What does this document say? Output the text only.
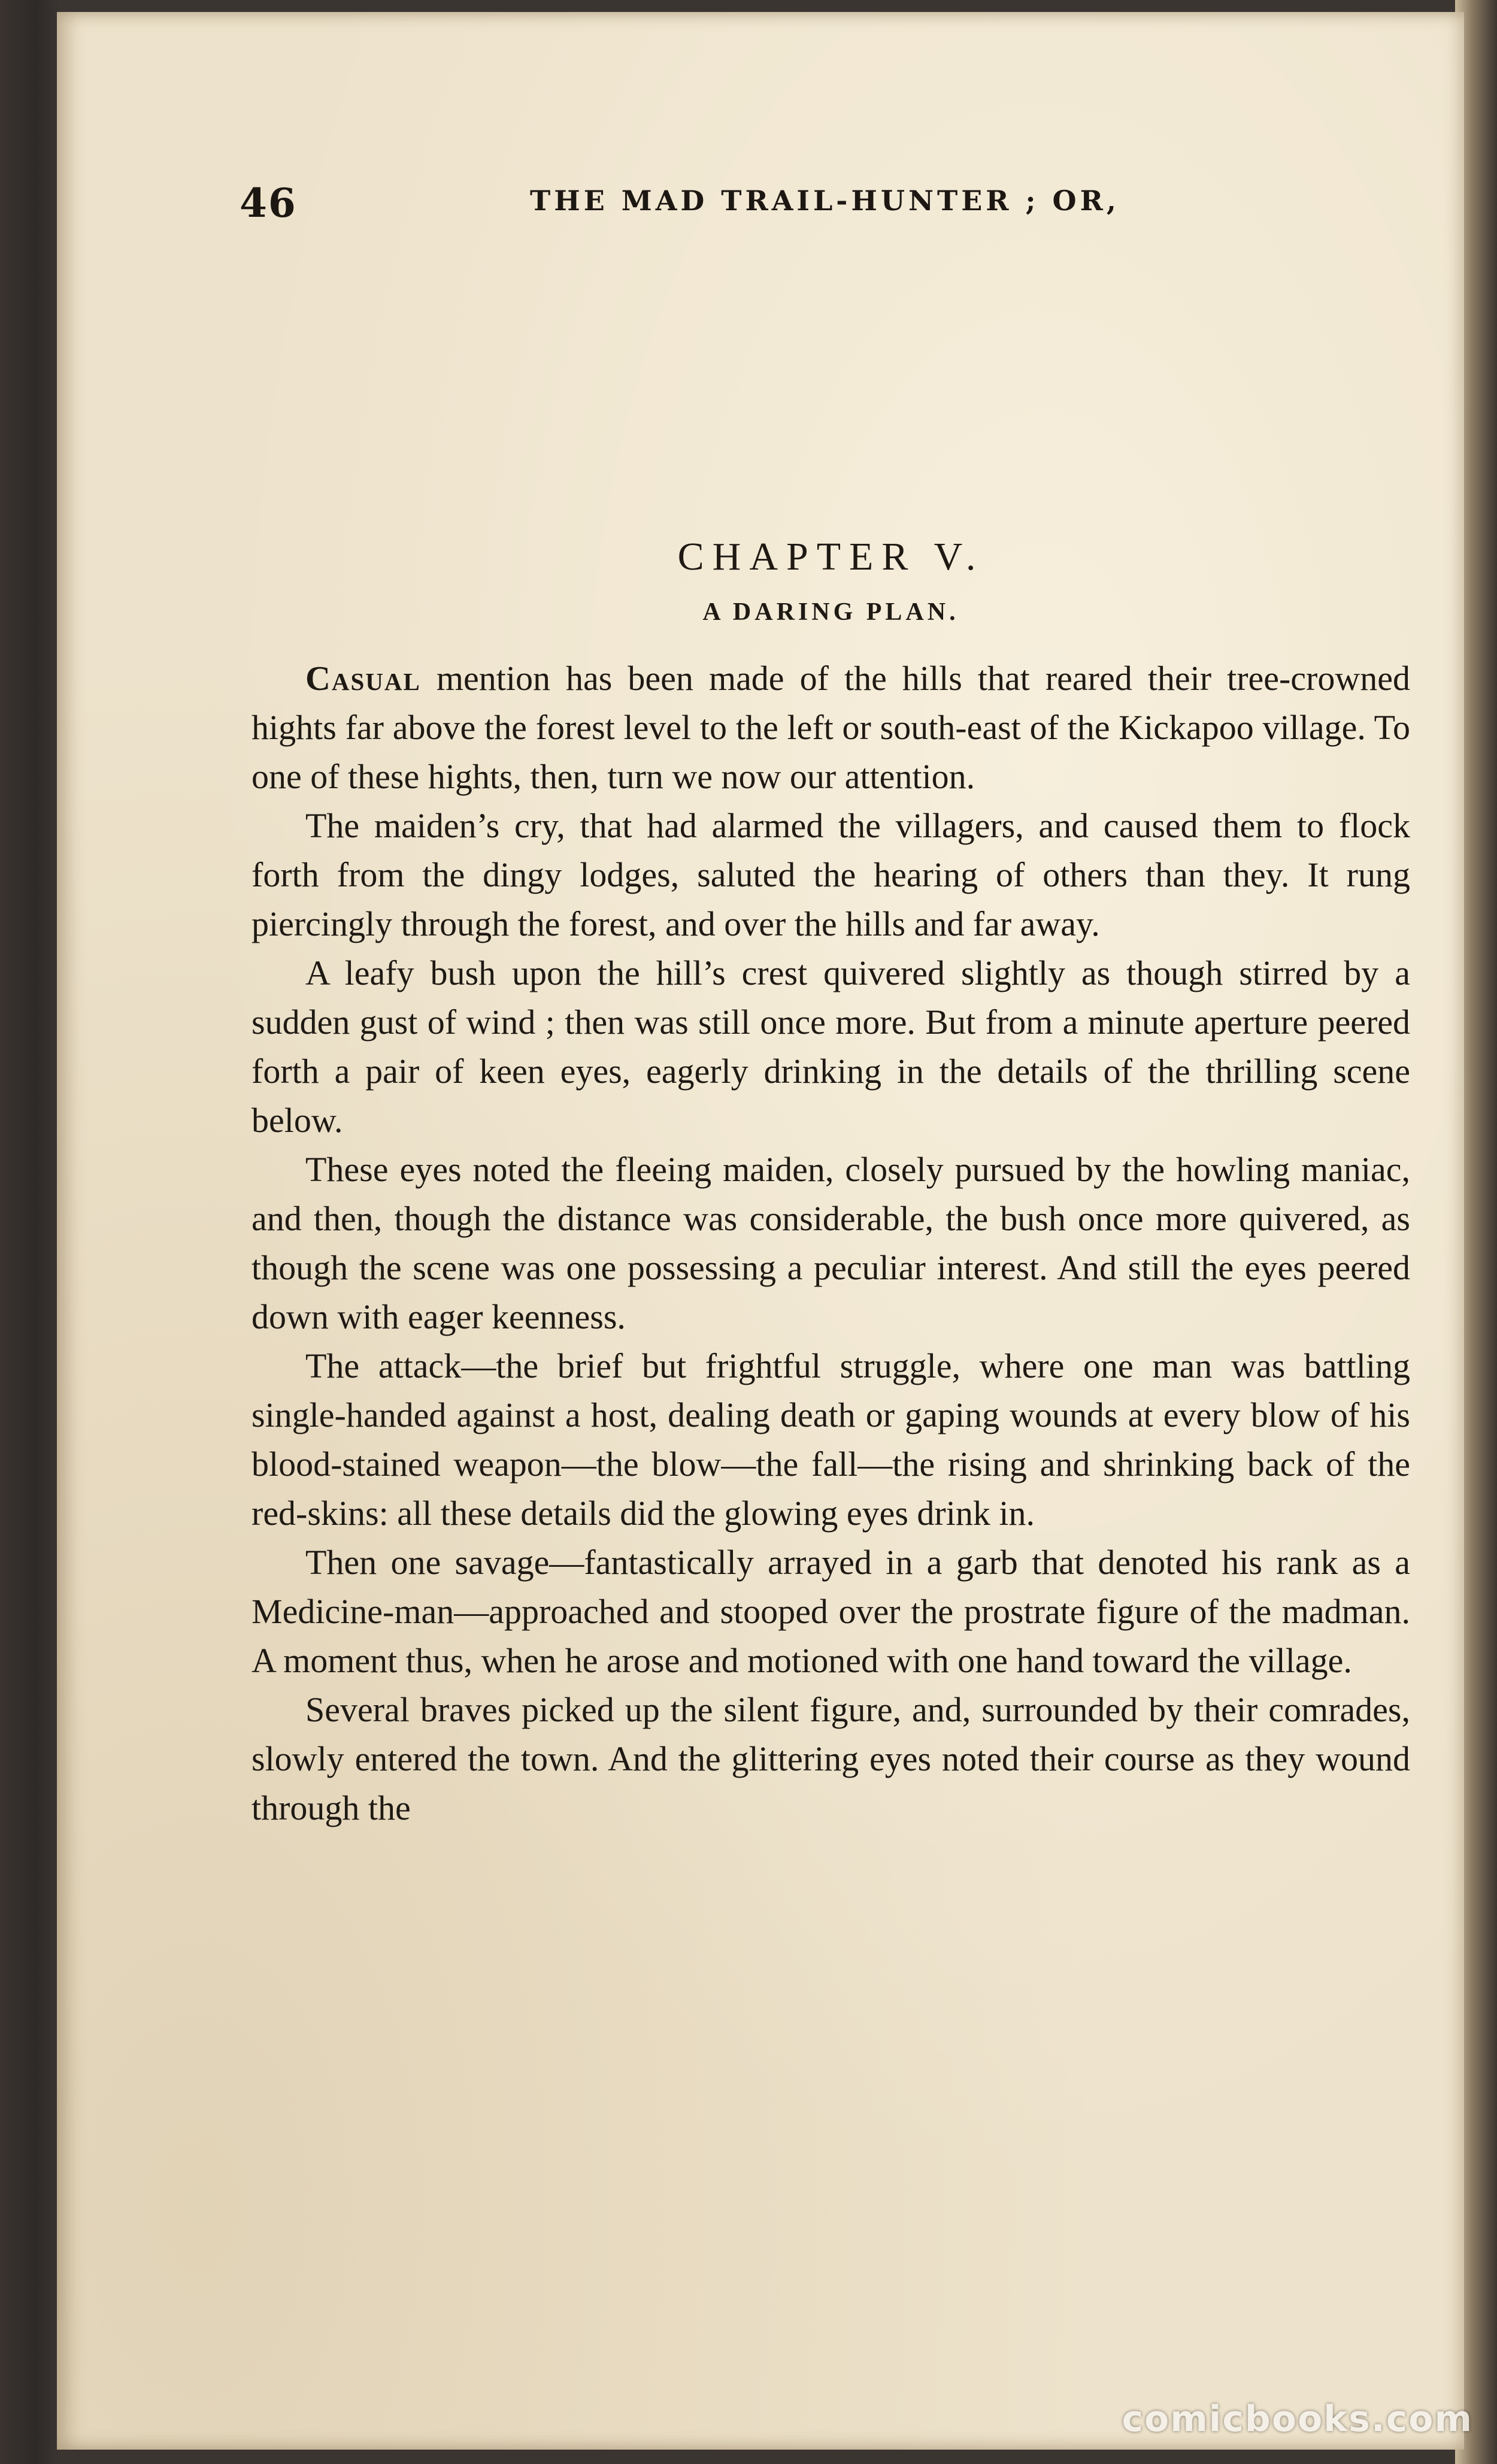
46	THE MAD TRAIL-HUNTER ; OR,
CHAPTER V.
A DARING PLAN.

Casual mention has been made of the hills that reared their tree-crowned hights far above the forest level to the left or south-east of the Kickapoo village. To one of these hights, then, turn we now our attention.

The maiden’s cry, that had alarmed the villagers, and caused them to flock forth from the dingy lodges, saluted the hearing of others than they. It rung piercingly through the forest, and over the hills and far away.

A leafy bush upon the hill’s crest quivered slightly as though stirred by a sudden gust of wind ; then was still once more. But from a minute aperture peered forth a pair of keen eyes, eagerly drinking in the details of the thrilling scene below.

These eyes noted the fleeing maiden, closely pursued by the howling maniac, and then, though the distance was considerable, the bush once more quivered, as though the scene was one possessing a peculiar interest. And still the eyes peered down with eager keenness.

The attack—the brief but frightful struggle, where one man was battling single-handed against a host, dealing death or gaping wounds at every blow of his blood-stained weapon—the blow—the fall—the rising and shrinking back of the red-skins: all these details did the glowing eyes drink in.

Then one savage—fantastically arrayed in a garb that denoted his rank as a Medicine-man—approached and stooped over the prostrate figure of the madman. A moment thus, when he arose and motioned with one hand toward the village.

Several braves picked up the silent figure, and, surrounded by their comrades, slowly entered the town. And the glittering eyes noted their course as they wound through the

comicbooks.com
